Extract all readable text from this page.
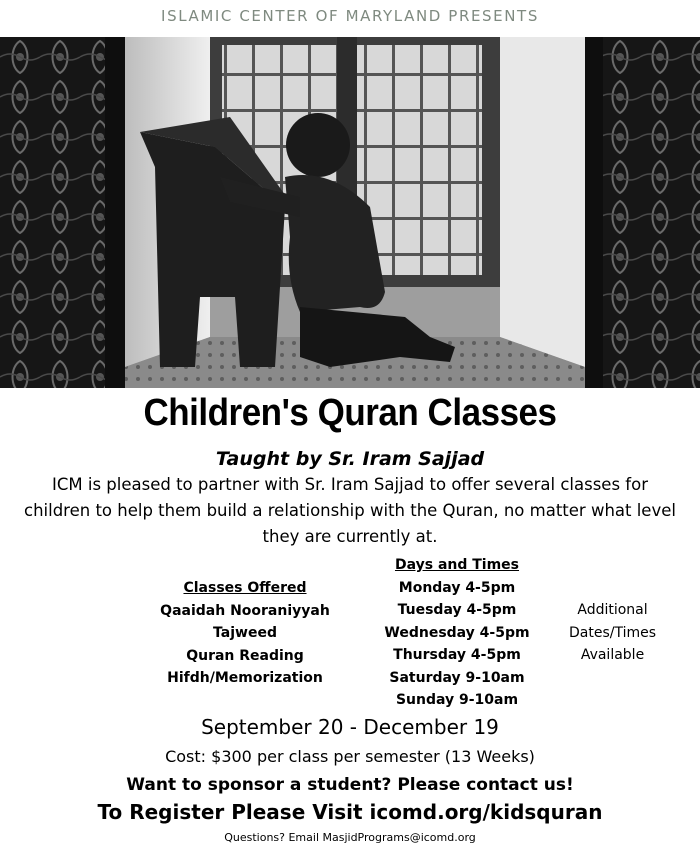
ISLAMIC CENTER OF MARYLAND PRESENTS
Children's Quran Classes
Taught by Sr. Iram Sajjad
ICM is pleased to partner with Sr. Iram Sajjad to offer several classes for children to help them build a relationship with the Quran, no matter what level they are currently at.
Classes Offered
Qaaidah Nooraniyyah
Tajweed
Quran Reading
Hifdh/Memorization
Days and Times
Monday 4-5pm
Tuesday 4-5pm
Wednesday 4-5pm
Thursday 4-5pm
Saturday 9-10am
Sunday 9-10am
Additional
Dates/Times
Available
September 20 - December 19
Cost: $300 per class per semester (13 Weeks)
Want to sponsor a student? Please contact us!
To Register Please Visit icomd.org/kidsquran
Questions? Email MasjidPrograms@icomd.org
